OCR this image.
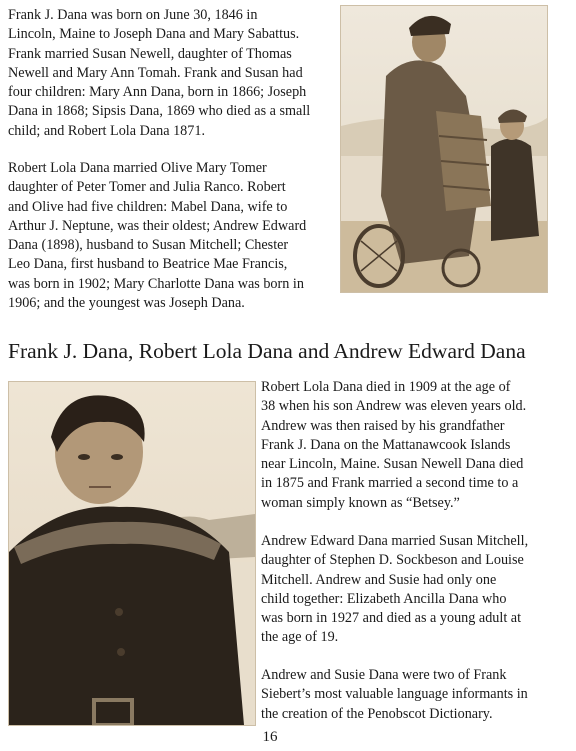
Frank J. Dana was born on June 30, 1846 in
Lincoln, Maine to Joseph Dana and Mary Sabattus.
Frank married Susan Newell, daughter of Thomas
Newell and Mary Ann Tomah. Frank and Susan had
four children: Mary Ann Dana, born in 1866; Joseph
Dana in 1868; Sipsis Dana, 1869 who died as a small
child; and Robert Lola Dana 1871.

Robert Lola Dana married Olive Mary Tomer
daughter of Peter Tomer and Julia Ranco. Robert
and Olive had five children: Mabel Dana, wife to
Arthur J. Neptune, was their oldest; Andrew Edward
Dana (1898), husband to Susan Mitchell; Chester
Leo Dana, first husband to Beatrice Mae Francis,
was born in 1902; Mary Charlotte Dana was born in
1906; and the youngest was Joseph Dana.

Frank J. Dana, Robert Lola Dana and Andrew Edward Dana

Robert Lola Dana died in 1909 at the age of
38 when his son Andrew was eleven years old.
Andrew was then raised by his grandfather
Frank J. Dana on the Mattanawcook Islands
near Lincoln, Maine. Susan Newell Dana died
in 1875 and Frank married a second time to a
woman simply known as “Betsey.”

Andrew Edward Dana married Susan Mitchell,
daughter of Stephen D. Sockbeson and Louise
Mitchell. Andrew and Susie had only one
child together: Elizabeth Ancilla Dana who
was born in 1927 and died as a young adult at
the age of 19.

Andrew and Susie Dana were two of Frank
Siebert’s most valuable language informants in
the creation of the Penobscot Dictionary.

16
